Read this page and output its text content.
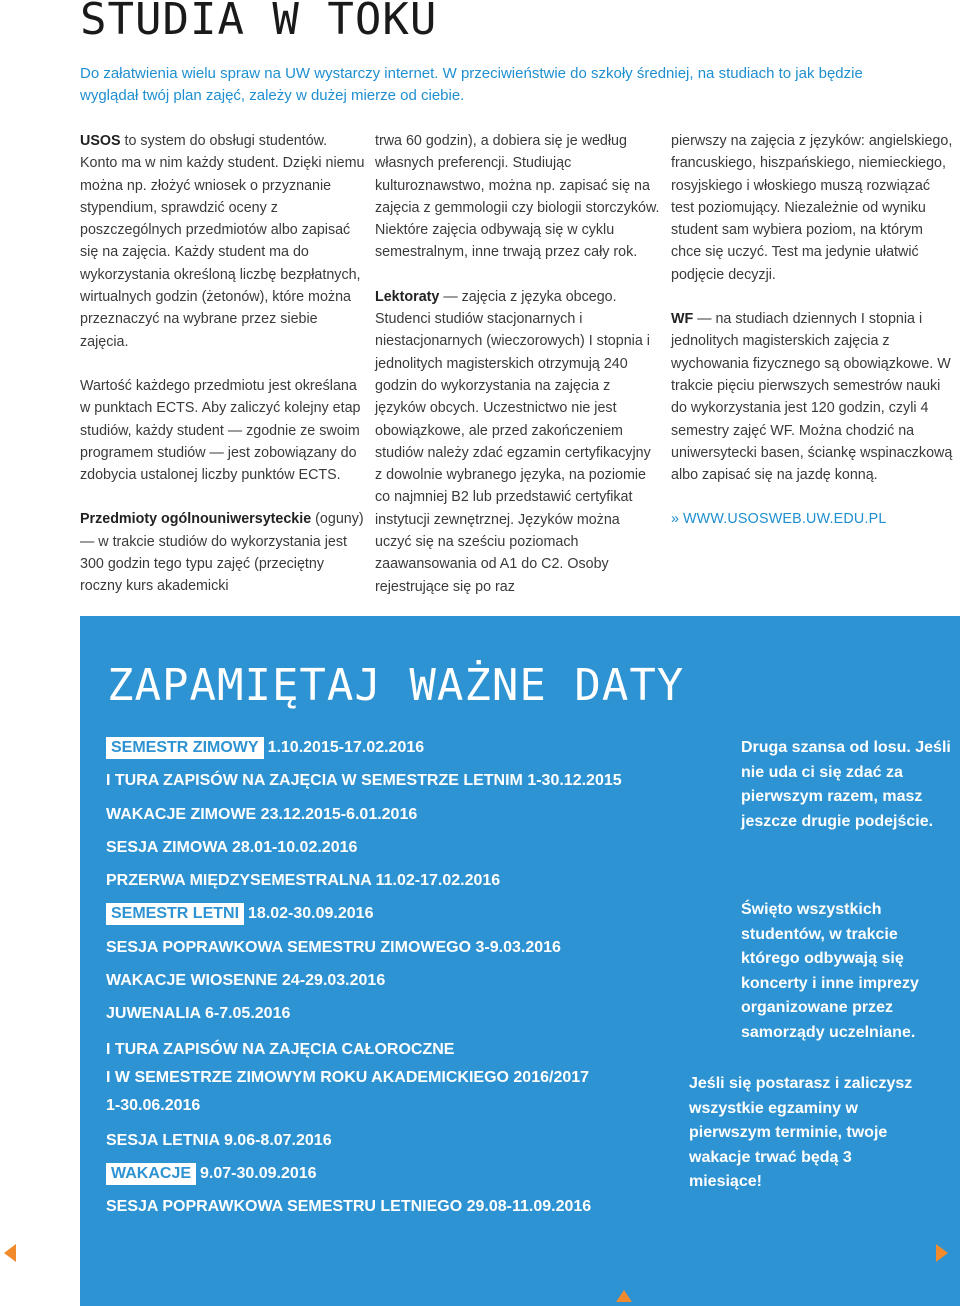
STUDIA W TOKU

Do załatwienia wielu spraw na UW wystarczy internet. W przeciwieństwie do szkoły średniej, na studiach to jak będzie wyglądał twój plan zajęć, zależy w dużej mierze od ciebie.

USOS to system do obsługi studentów. Konto ma w nim każdy student. Dzięki niemu można np. złożyć wniosek o przyznanie stypendium, sprawdzić oceny z poszczególnych przedmiotów albo zapisać się na zajęcia. Każdy student ma do wykorzystania określoną liczbę bezpłatnych, wirtualnych godzin (żetonów), które można przeznaczyć na wybrane przez siebie zajęcia.

Wartość każdego przedmiotu jest określana w punktach ECTS. Aby zaliczyć kolejny etap studiów, każdy student — zgodnie ze swoim programem studiów — jest zobowiązany do zdobycia ustalonej liczby punktów ECTS.

Przedmioty ogólnouniwersyteckie (oguny) — w trakcie studiów do wykorzystania jest 300 godzin tego typu zajęć (przeciętny roczny kurs akademicki

trwa 60 godzin), a dobiera się je według własnych preferencji. Studiując kulturoznawstwo, można np. zapisać się na zajęcia z gemmologii czy biologii storczyków. Niektóre zajęcia odbywają się w cyklu semestralnym, inne trwają przez cały rok.

Lektoraty — zajęcia z języka obcego. Studenci studiów stacjonarnych i niestacjonarnych (wieczorowych) I stopnia i jednolitych magisterskich otrzymują 240 godzin do wykorzystania na zajęcia z języków obcych. Uczestnictwo nie jest obowiązkowe, ale przed zakończeniem studiów należy zdać egzamin certyfikacyjny z dowolnie wybranego języka, na poziomie co najmniej B2 lub przedstawić certyfikat instytucji zewnętrznej. Języków można uczyć się na sześciu poziomach zaawansowania od A1 do C2. Osoby rejestrujące się po raz

pierwszy na zajęcia z języków: angielskiego, francuskiego, hiszpańskiego, niemieckiego, rosyjskiego i włoskiego muszą rozwiązać test poziomujący. Niezależnie od wyniku student sam wybiera poziom, na którym chce się uczyć. Test ma jedynie ułatwić podjęcie decyzji.

WF — na studiach dziennych I stopnia i jednolitych magisterskich zajęcia z wychowania fizycznego są obowiązkowe. W trakcie pięciu pierwszych semestrów nauki do wykorzystania jest 120 godzin, czyli 4 semestry zajęć WF. Można chodzić na uniwersytecki basen, ściankę wspinaczkową albo zapisać się na jazdę konną.

» WWW.USOSWEB.UW.EDU.PL

ZAPAMIĘTAJ WAŻNE DATY
SEMESTR ZIMOWY 1.10.2015-17.02.2016
I TURA ZAPISÓW NA ZAJĘCIA W SEMESTRZE LETNIM 1-30.12.2015
WAKACJE ZIMOWE 23.12.2015-6.01.2016
SESJA ZIMOWA 28.01-10.02.2016
PRZERWA MIĘDZYSEMESTRALNA 11.02-17.02.2016
SEMESTR LETNI 18.02-30.09.2016
SESJA POPRAWKOWA SEMESTRU ZIMOWEGO 3-9.03.2016
WAKACJE WIOSENNE 24-29.03.2016
JUWENALIA 6-7.05.2016
I TURA ZAPISÓW NA ZAJĘCIA CAŁOROCZNE
I W SEMESTRZE ZIMOWYM ROKU AKADEMICKIEGO 2016/2017
1-30.06.2016
SESJA LETNIA 9.06-8.07.2016
WAKACJE 9.07-30.09.2016
SESJA POPRAWKOWA SEMESTRU LETNIEGO 29.08-11.09.2016

Druga szansa od losu. Jeśli nie uda ci się zdać za pierwszym razem, masz jeszcze drugie podejście.

Święto wszystkich studentów, w trakcie którego odbywają się koncerty i inne imprezy organizowane przez samorządy uczelniane.

Jeśli się postarasz i zaliczysz wszystkie egzaminy w pierwszym terminie, twoje wakacje trwać będą 3 miesiące!
